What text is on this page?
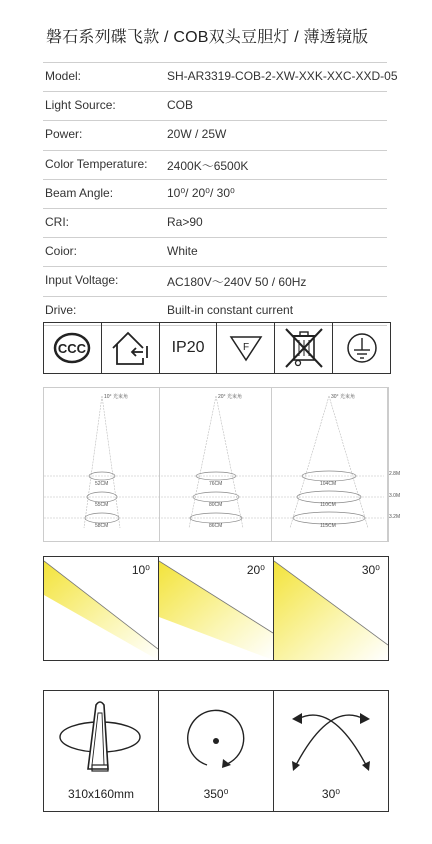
磐石系列碟飞款 / COB双头豆胆灯 / 薄透镜版
Model:	SH-AR3319-COB-2-XW-XXK-XXC-XXD-05
Light Source:	COB
Power:	20W / 25W
Color Temperature: 2400K～6500K
Beam Angle:	10⁰/ 20⁰/ 30⁰
CRI:	Ra>90
Coior:	White
Input Voltage:	AC180V～240V 50 / 60Hz
Drive:	Built-in constant current
CCC	IP20	F
10° 光束角	20° 光束角	30° 光束角
52CM
55CM
58CM
76CM
80CM
86CM
104CM
110CM
115CM
2.8M
3.0M
3.2M
10⁰	20⁰	30⁰
310x160mm	350⁰	30⁰
